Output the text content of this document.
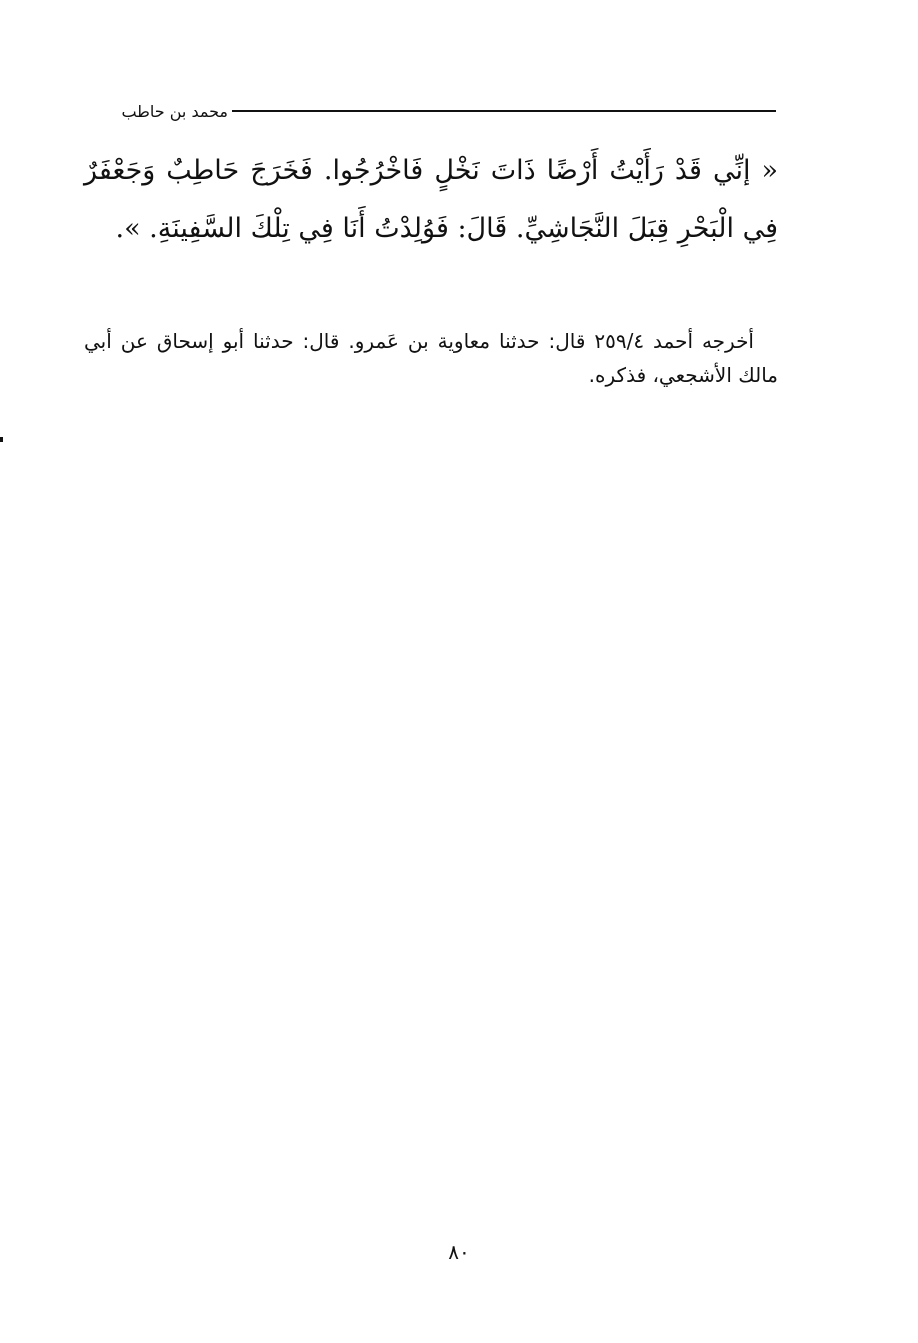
محمد بن حاطب
« إنِّي قَدْ رَأَيْتُ أَرْضًا ذَاتَ نَخْلٍ فَاخْرُجُوا. فَخَرَجَ حَاطِبٌ وَجَعْفَرٌ فِي الْبَحْرِ قِبَلَ النَّجَاشِيِّ. قَالَ: فَوُلِدْتُ أَنَا فِي تِلْكَ السَّفِينَةِ. ».
أخرجه أحمد ٢٥٩/٤ قال: حدثنا معاوية بن عَمرو. قال: حدثنا أبو إسحاق عن أبي مالك الأشجعي، فذكره.
٨٠
